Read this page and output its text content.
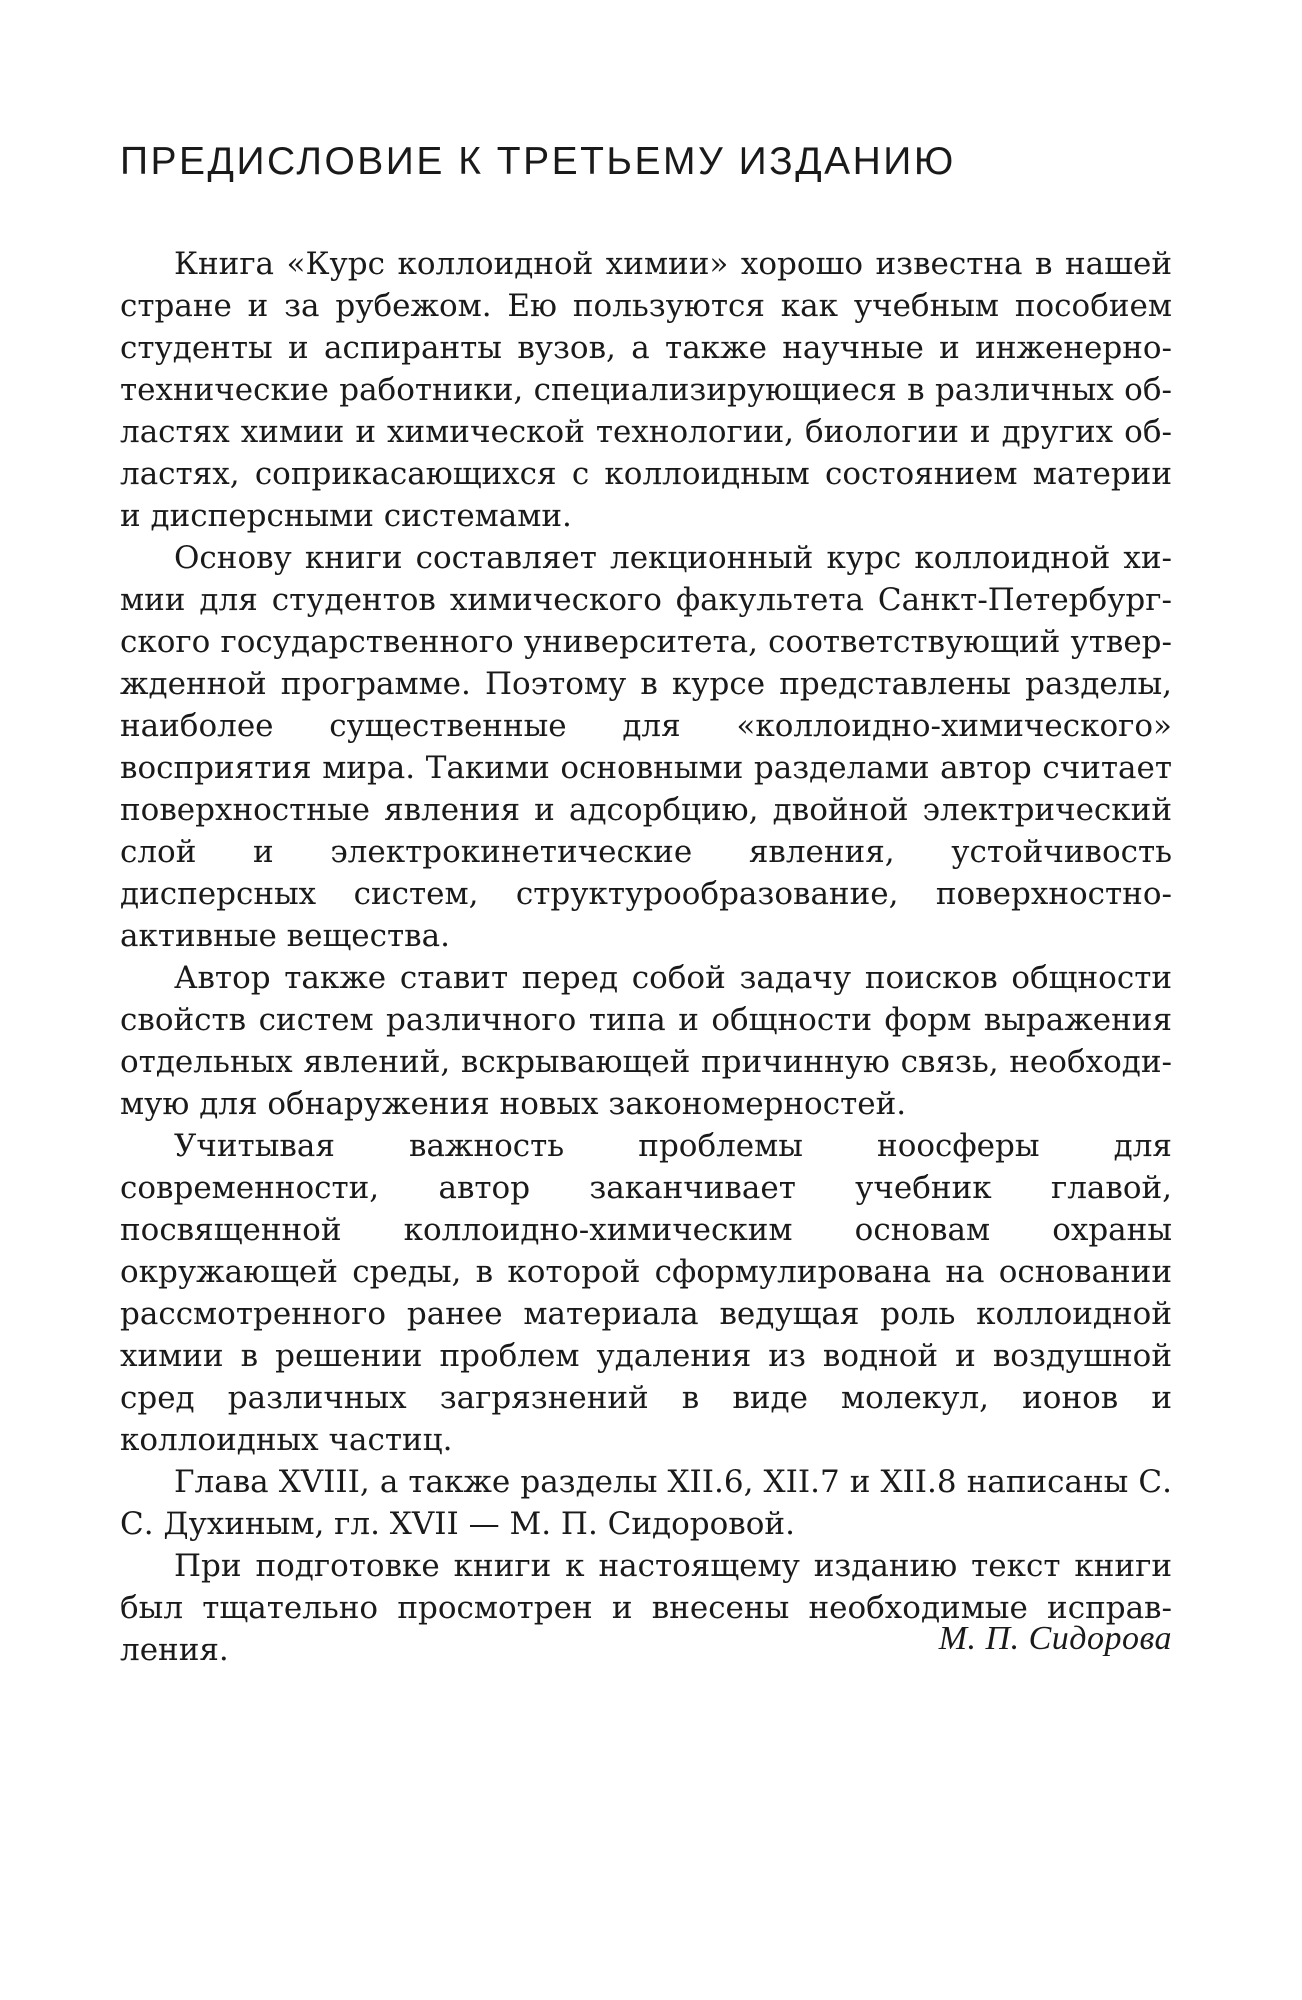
ПРЕДИСЛОВИЕ К ТРЕТЬЕМУ ИЗДАНИЮ

Книга «Курс коллоидной химии» хорошо известна в нашей стране и за рубежом. Ею пользуются как учебным пособием студенты и аспиранты вузов, а также научные и инженерно-технические работники, специализирующиеся в различных областях химии и химической технологии, биологии и других областях, соприкасающихся с коллоидным состоянием материи и дисперсными системами.

Основу книги составляет лекционный курс коллоидной химии для студентов химического факультета Санкт-Петербургского государственного университета, соответствующий утвержденной программе. Поэтому в курсе представлены разделы, наиболее существенные для «коллоидно-химического» восприятия мира. Такими основными разделами автор считает поверхностные явления и адсорбцию, двойной электрический слой и электрокинетические явления, устойчивость дисперсных систем, структурообразование, поверхностно-активные вещества.

Автор также ставит перед собой задачу поисков общности свойств систем различного типа и общности форм выражения отдельных явлений, вскрывающей причинную связь, необходимую для обнаружения новых закономерностей.

Учитывая важность проблемы ноосферы для современности, автор заканчивает учебник главой, посвященной коллоидно-химическим основам охраны окружающей среды, в которой сформулирована на основании рассмотренного ранее материала ведущая роль коллоидной химии в решении проблем удаления из водной и воздушной сред различных загрязнений в виде молекул, ионов и коллоидных частиц.

Глава XVIII, а также разделы XII.6, XII.7 и XII.8 написаны С. С. Духиным, гл. XVII — М. П. Сидоровой.

При подготовке книги к настоящему изданию текст книги был тщательно просмотрен и внесены необходимые исправления.	М. П. Сидорова
